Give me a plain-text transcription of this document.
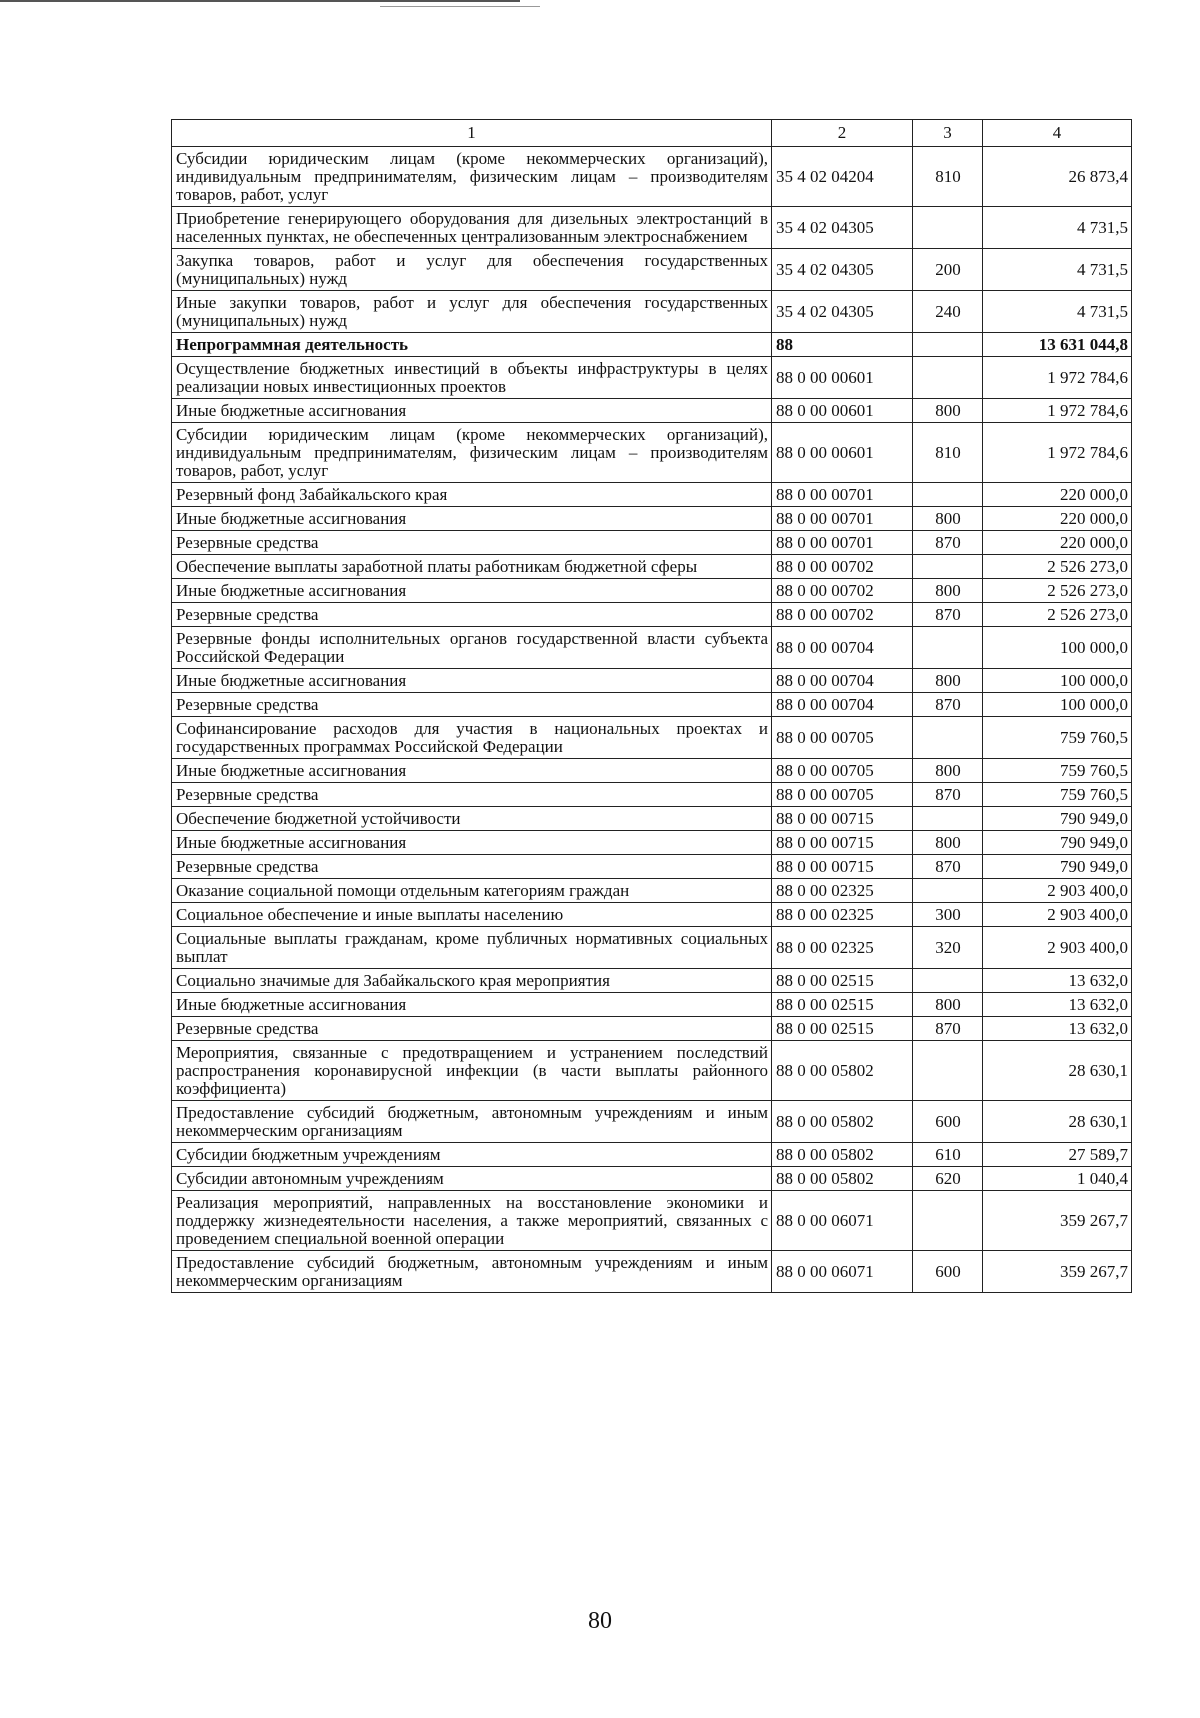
1	2	3	4
Субсидии юридическим лицам (кроме некоммерческих организаций), индивидуальным предпринимателям, физическим лицам – производителям товаров, работ, услуг	35 4 02 04204	810	26 873,4
Приобретение генерирующего оборудования для дизельных электростанций в населенных пунктах, не обеспеченных централизованным электроснабжением	35 4 02 04305		4 731,5
Закупка товаров, работ и услуг для обеспечения государственных (муниципальных) нужд	35 4 02 04305	200	4 731,5
Иные закупки товаров, работ и услуг для обеспечения государственных (муниципальных) нужд	35 4 02 04305	240	4 731,5
Непрограммная деятельность	88		13 631 044,8
Осуществление бюджетных инвестиций в объекты инфраструктуры в целях реализации новых инвестиционных проектов	88 0 00 00601		1 972 784,6
Иные бюджетные ассигнования	88 0 00 00601	800	1 972 784,6
Субсидии юридическим лицам (кроме некоммерческих организаций), индивидуальным предпринимателям, физическим лицам – производителям товаров, работ, услуг	88 0 00 00601	810	1 972 784,6
Резервный фонд Забайкальского края	88 0 00 00701		220 000,0
Иные бюджетные ассигнования	88 0 00 00701	800	220 000,0
Резервные средства	88 0 00 00701	870	220 000,0
Обеспечение выплаты заработной платы работникам бюджетной сферы	88 0 00 00702		2 526 273,0
Иные бюджетные ассигнования	88 0 00 00702	800	2 526 273,0
Резервные средства	88 0 00 00702	870	2 526 273,0
Резервные фонды исполнительных органов государственной власти субъекта Российской Федерации	88 0 00 00704		100 000,0
Иные бюджетные ассигнования	88 0 00 00704	800	100 000,0
Резервные средства	88 0 00 00704	870	100 000,0
Софинансирование расходов для участия в национальных проектах и государственных программах Российской Федерации	88 0 00 00705		759 760,5
Иные бюджетные ассигнования	88 0 00 00705	800	759 760,5
Резервные средства	88 0 00 00705	870	759 760,5
Обеспечение бюджетной устойчивости	88 0 00 00715		790 949,0
Иные бюджетные ассигнования	88 0 00 00715	800	790 949,0
Резервные средства	88 0 00 00715	870	790 949,0
Оказание социальной помощи отдельным категориям граждан	88 0 00 02325		2 903 400,0
Социальное обеспечение и иные выплаты населению	88 0 00 02325	300	2 903 400,0
Социальные выплаты гражданам, кроме публичных нормативных социальных выплат	88 0 00 02325	320	2 903 400,0
Социально значимые для Забайкальского края мероприятия	88 0 00 02515		13 632,0
Иные бюджетные ассигнования	88 0 00 02515	800	13 632,0
Резервные средства	88 0 00 02515	870	13 632,0
Мероприятия, связанные с предотвращением и устранением последствий распространения коронавирусной инфекции (в части выплаты районного коэффициента)	88 0 00 05802		28 630,1
Предоставление субсидий бюджетным, автономным учреждениям и иным некоммерческим организациям	88 0 00 05802	600	28 630,1
Субсидии бюджетным учреждениям	88 0 00 05802	610	27 589,7
Субсидии автономным учреждениям	88 0 00 05802	620	1 040,4
Реализация мероприятий, направленных на восстановление экономики и поддержку жизнедеятельности населения, а также мероприятий, связанных с проведением специальной военной операции	88 0 00 06071		359 267,7
Предоставление субсидий бюджетным, автономным учреждениям и иным некоммерческим организациям	88 0 00 06071	600	359 267,7
80
